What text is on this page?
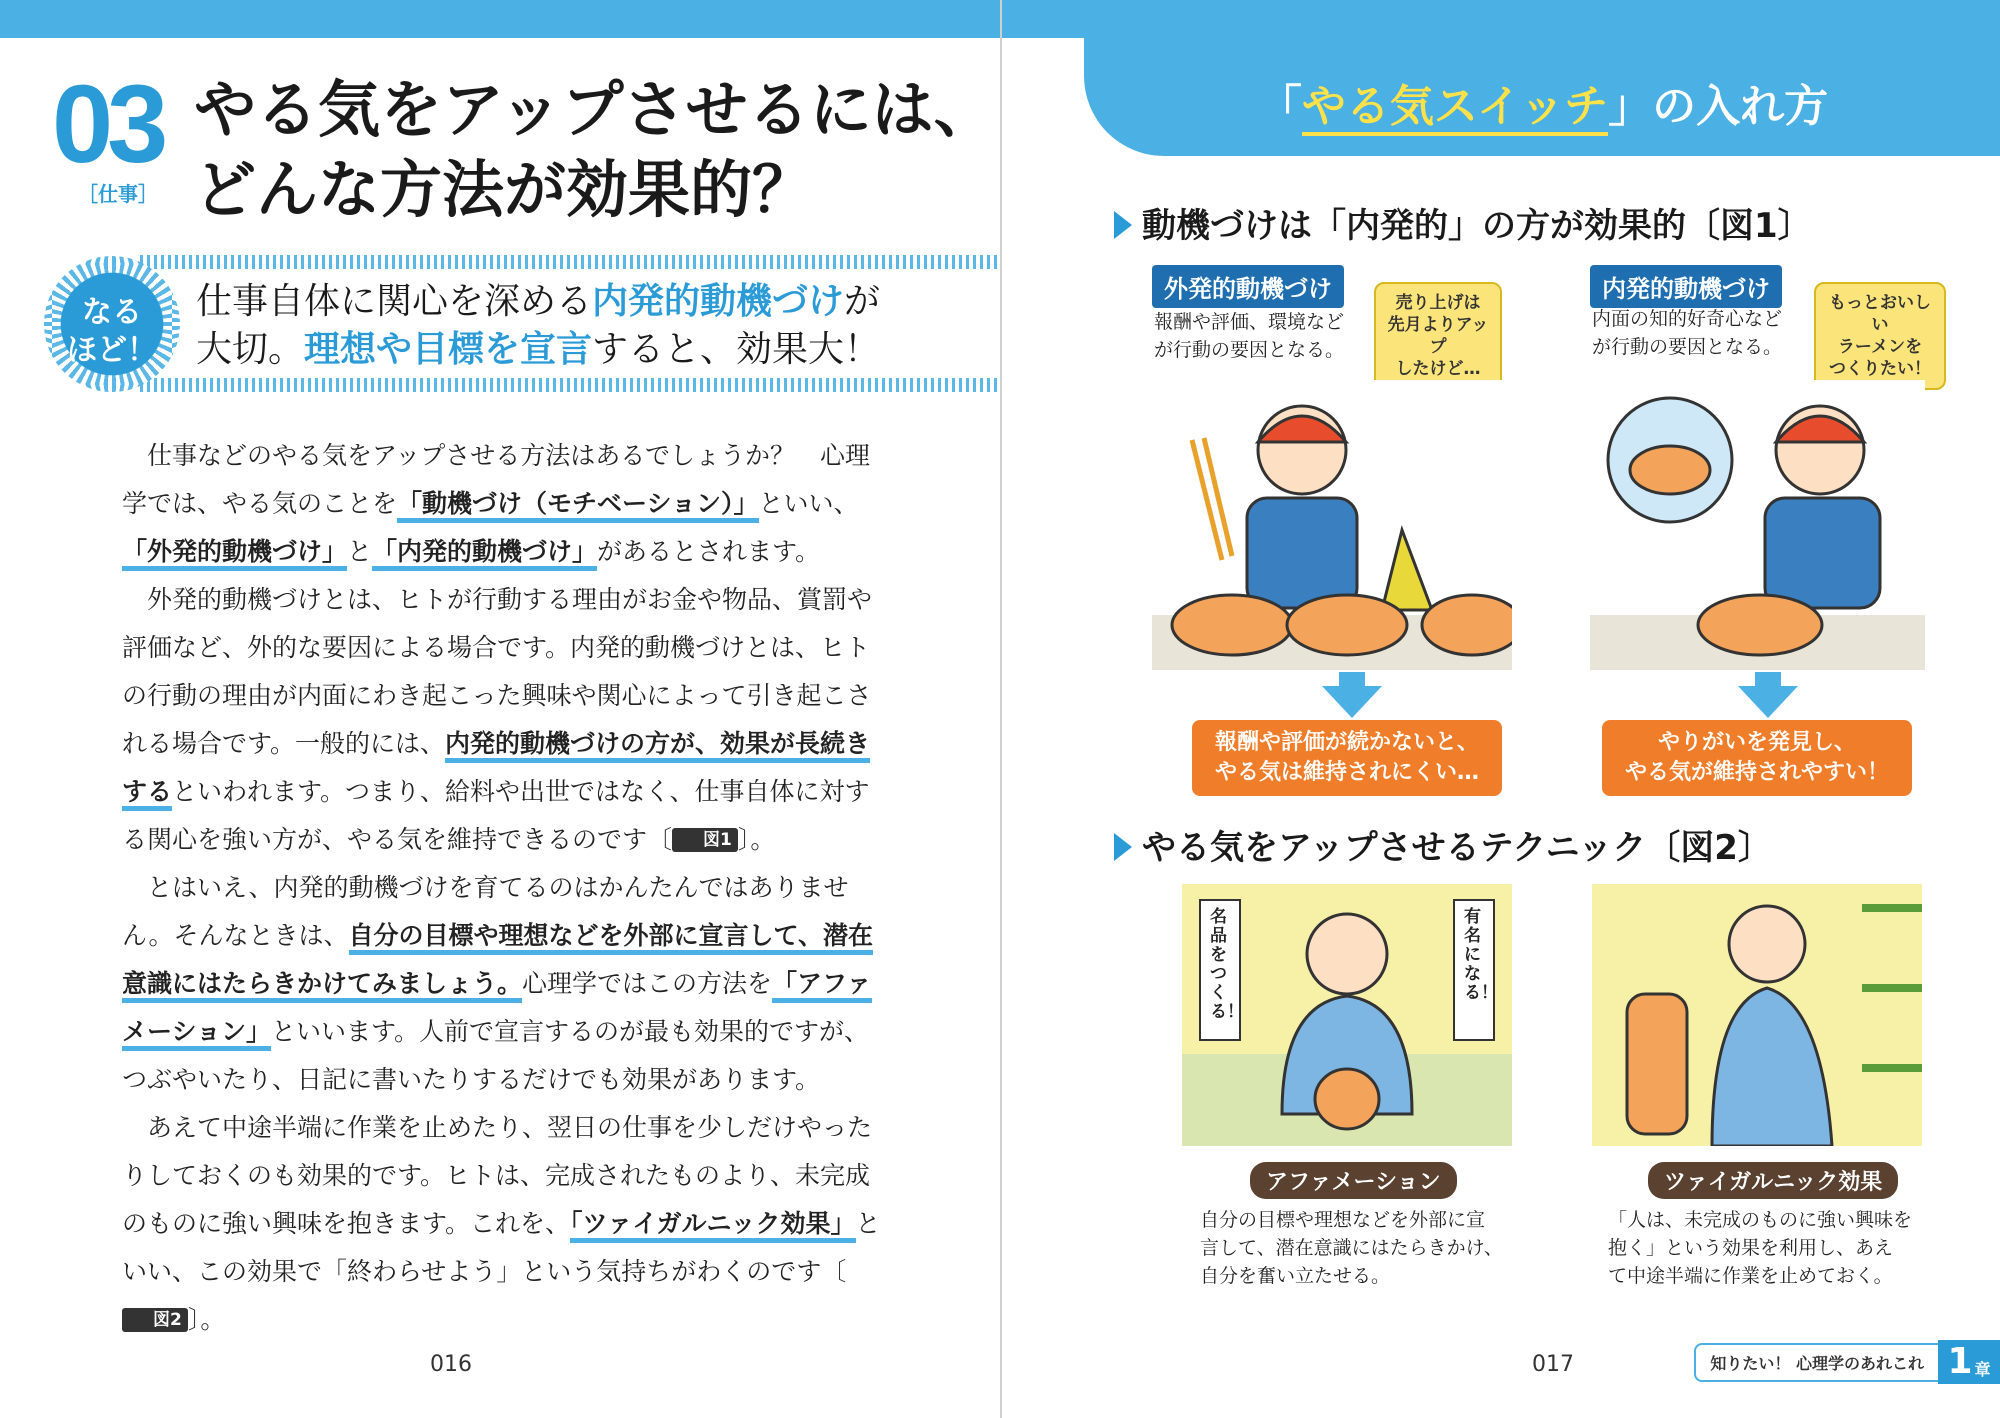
03
［仕事］
やる気をアップさせるには、
どんな方法が効果的？
なる
ほど！
仕事自体に関心を深める内発的動機づけが
大切。理想や目標を宣言すると、効果大！

仕事などのやる気をアップさせる方法はあるでしょうか？　心理学では、やる気のことを「動機づけ（モチベーション）」といい、「外発的動機づけ」と「内発的動機づけ」があるとされます。

外発的動機づけとは、ヒトが行動する理由がお金や物品、賞罰や評価など、外的な要因による場合です。内発的動機づけとは、ヒトの行動の理由が内面にわき起こった興味や関心によって引き起こされる場合です。一般的には、内発的動機づけの方が、効果が長続きするといわれます。つまり、給料や出世ではなく、仕事自体に対する関心を強い方が、やる気を維持できるのです〔 図1 〕。

とはいえ、内発的動機づけを育てるのはかんたんではありません。そんなときは、自分の目標や理想などを外部に宣言して、潜在意識にはたらきかけてみましょう。心理学ではこの方法を「アファメーション」といいます。人前で宣言するのが最も効果的ですが、つぶやいたり、日記に書いたりするだけでも効果があります。

あえて中途半端に作業を止めたり、翌日の仕事を少しだけやったりしておくのも効果的です。ヒトは、完成されたものより、未完成のものに強い興味を抱きます。これを、「ツァイガルニック効果」といい、この効果で「終わらせよう」という気持ちがわくのです〔図2 〕。

016
「やる気スイッチ」の入れ方
動機づけは「内発的」の方が効果的〔図1〕
外発的動機づけ
報酬や評価、環境など
が行動の要因となる。
売り上げは
先月よりアップ
したけど…
報酬や評価が続かないと、
やる気は維持されにくい…
内発的動機づけ
内面の知的好奇心など
が行動の要因となる。
もっとおいしい
ラーメンを
つくりたい！
やりがいを発見し、
やる気が維持されやすい！
やる気をアップさせるテクニック〔図2〕
名品をつくる！
有名になる！
アファメーション
自分の目標や理想などを外部に宣
言して、潜在意識にはたらきかけ、
自分を奮い立たせる。
ツァイガルニック効果
「人は、未完成のものに強い興味を
抱く」という効果を利用し、あえ
て中途半端に作業を止めておく。
017	知りたい！ 心理学のあれこれ 1 章
